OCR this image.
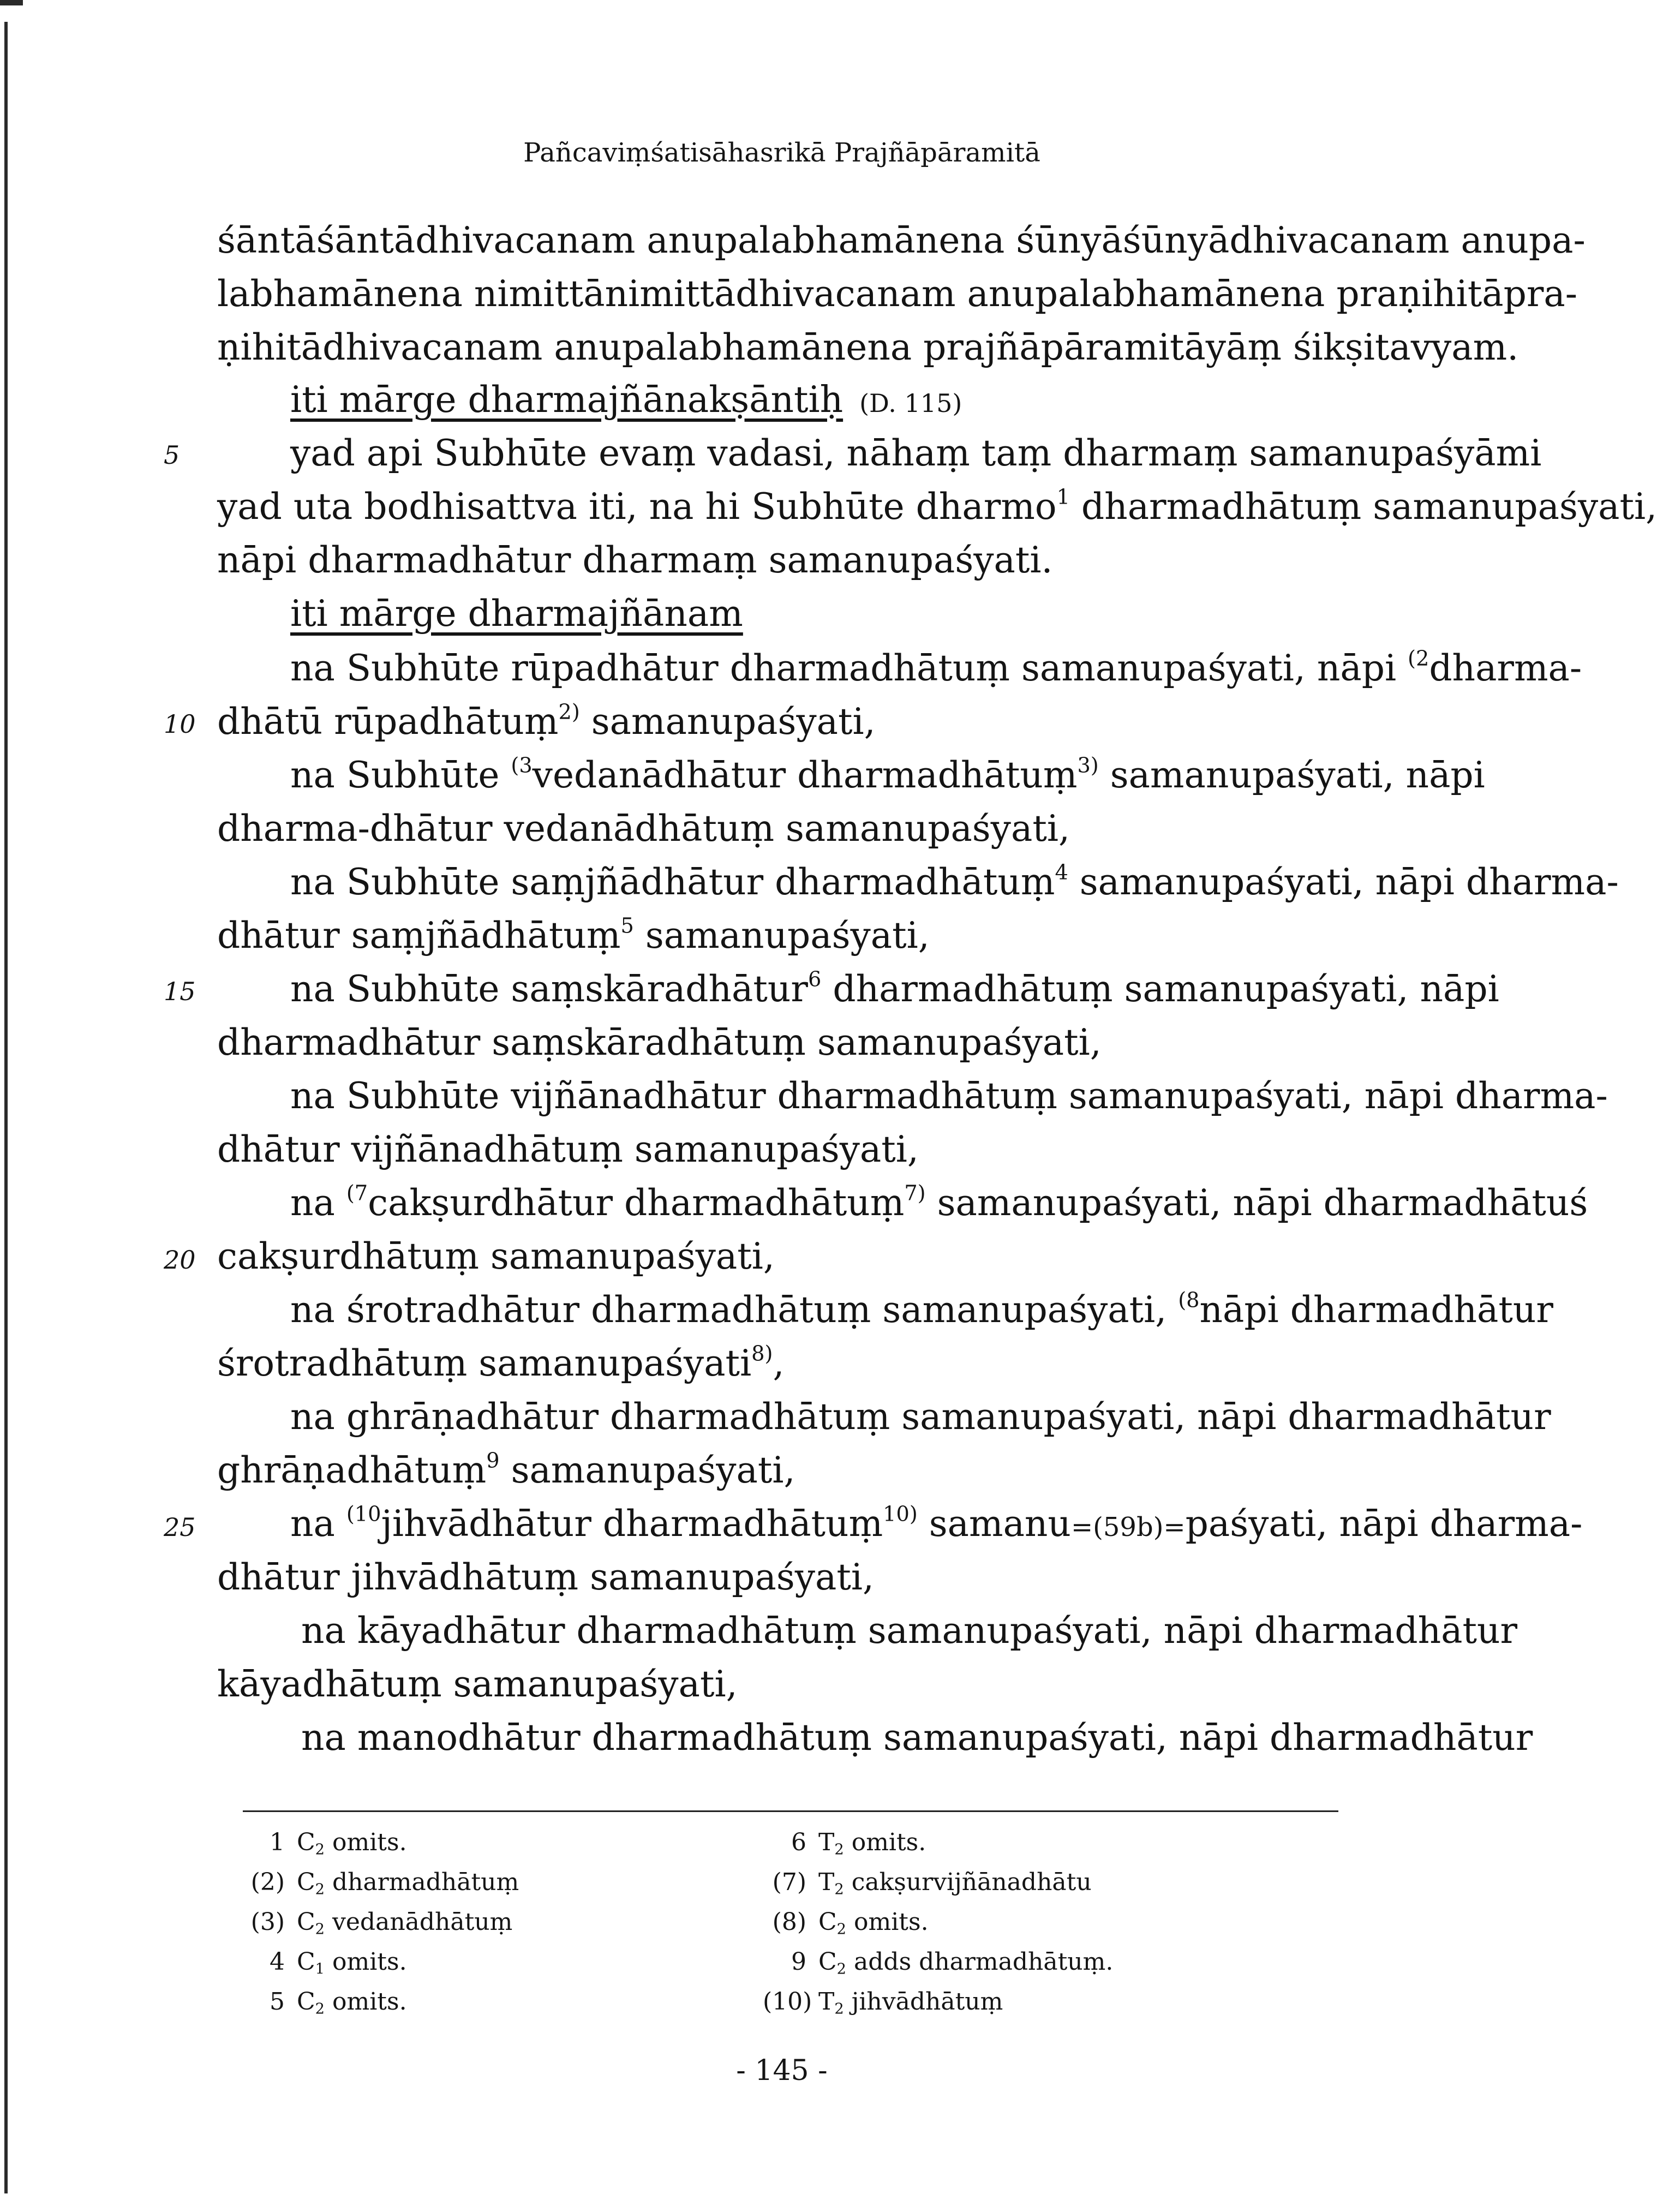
Pañcaviṃśatisāhasrikā Prajñāpāramitā
5
10
15
20
25
śāntāśāntādhivacanam anupalabhamānena śūnyāśūnyādhivacanam anupa-
labhamānena nimittānimittādhivacanam anupalabhamānena praṇihitāpra-
ṇihitādhivacanam anupalabhamānena prajñāpāramitāyāṃ śikṣitavyam.
iti mārge dharmajñānakṣāntiḥ (D. 115)
yad api Subhūte evaṃ vadasi, nāhaṃ taṃ dharmaṃ samanupaśyāmi
yad uta bodhisattva iti, na hi Subhūte dharmo$^1$ dharmadhātuṃ samanupaśyati,
nāpi dharmadhātur dharmaṃ samanupaśyati.
iti mārge dharmajñānam
na Subhūte rūpadhātur dharmadhātuṃ samanupaśyati, nāpi $^{(2}$dharma-
dhātū rūpadhātuṃ$^{2)}$ samanupaśyati,
na Subhūte $^{(3}$vedanādhātur dharmadhātuṃ$^{3)}$ samanupaśyati, nāpi
dharma-dhātur vedanādhātuṃ samanupaśyati,
na Subhūte saṃjñādhātur dharmadhātuṃ$^4$ samanupaśyati, nāpi dharma-
dhātur saṃjñādhātuṃ$^5$ samanupaśyati,
na Subhūte saṃskāradhātur$^6$ dharmadhātuṃ samanupaśyati, nāpi
dharmadhātur saṃskāradhātuṃ samanupaśyati,
na Subhūte vijñānadhātur dharmadhātuṃ samanupaśyati, nāpi dharma-
dhātur vijñānadhātuṃ samanupaśyati,
na $^{(7}$cakṣurdhātur dharmadhātuṃ$^{7)}$ samanupaśyati, nāpi dharmadhātuś
cakṣurdhātuṃ samanupaśyati,
na śrotradhātur dharmadhātuṃ samanupaśyati, $^{(8}$nāpi dharmadhātur
śrotradhātuṃ samanupaśyati$^{8)}$,
na ghrāṇadhātur dharmadhātuṃ samanupaśyati, nāpi dharmadhātur
ghrāṇadhātuṃ$^9$ samanupaśyati,
na $^{(10}$jihvādhātur dharmadhātuṃ$^{10)}$ samanu=(59b)=paśyati, nāpi dharma-
dhātur jihvādhātuṃ samanupaśyati,
na kāyadhātur dharmadhātuṃ samanupaśyati, nāpi dharmadhātur
kāyadhātuṃ samanupaśyati,
na manodhātur dharmadhātuṃ samanupaśyati, nāpi dharmadhātur
1 $C_2$ omits.
(2) $C_2$ dharmadhātuṃ
(3) $C_2$ vedanādhātuṃ
4 $C_1$ omits.
5 $C_2$ omits.
6 $T_2$ omits.
(7) $T_2$ cakṣurvijñānadhātu
(8) $C_2$ omits.
9 $C_2$ adds dharmadhātuṃ.
(10) $T_2$ jihvādhātuṃ
- 145 -
